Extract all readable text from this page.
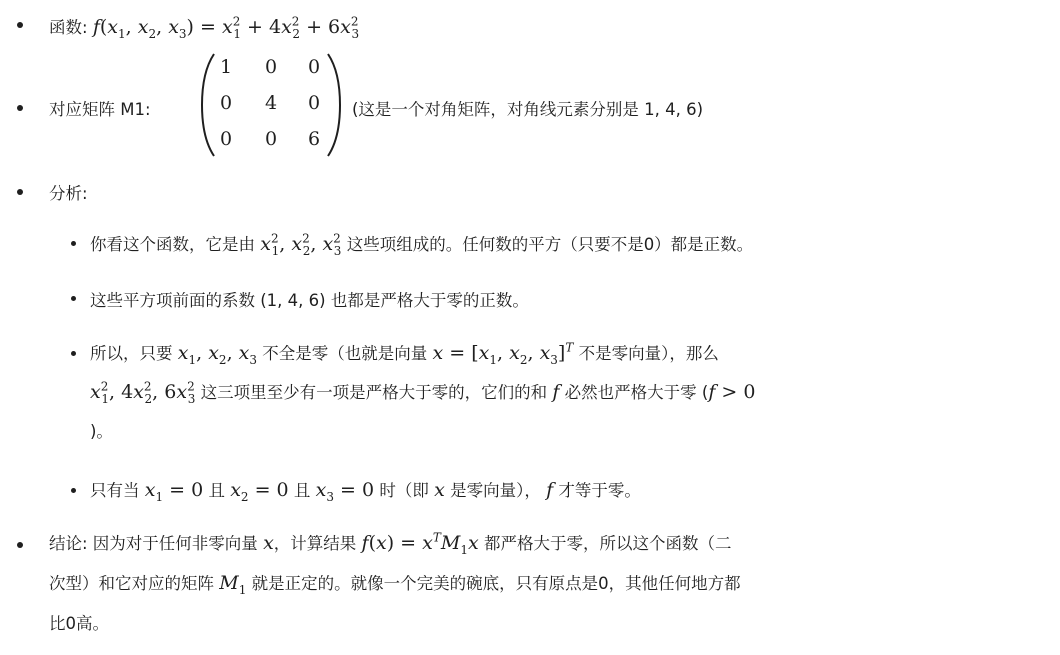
函数: $f(x_1$, $x_2$, $x_3) = x^2_1 + 4x^2_2 + 6x^2_3$
对应矩阵 M1:	(这是一个对角矩阵，对角线元素分别是 1, 4, 6)
1 0 0
0 4 0
0 0 6
分析:
你看这个函数，它是由 $x^2_1$, $x^2_2$, $x^2_3$ 这些项组成的。任何数的平方（只要不是0）都是正数。
这些平方项前面的系数 (1, 4, 6) 也都是严格大于零的正数。
所以，只要 $x_1$, $x_2$, $x_3$ 不全是零（也就是向量 $x = [x_1$, $x_2$, $x_3]^T$ 不是零向量），那么
$x^2_1$, $4x^2_2$, $6x^2_3$ 这三项里至少有一项是严格大于零的，它们的和 f 必然也严格大于零 (f > 0
)。
只有当 $x_1 = 0$ 且 $x_2 = 0$ 且 $x_3 = 0$ 时（即 x 是零向量）， f 才等于零。
结论: 因为对于任何非零向量 x，计算结果 $f(x) = x^TM_1x$ 都严格大于零，所以这个函数（二
次型）和它对应的矩阵 $M_1$ 就是正定的。就像一个完美的碗底，只有原点是0，其他任何地方都
比0高。
